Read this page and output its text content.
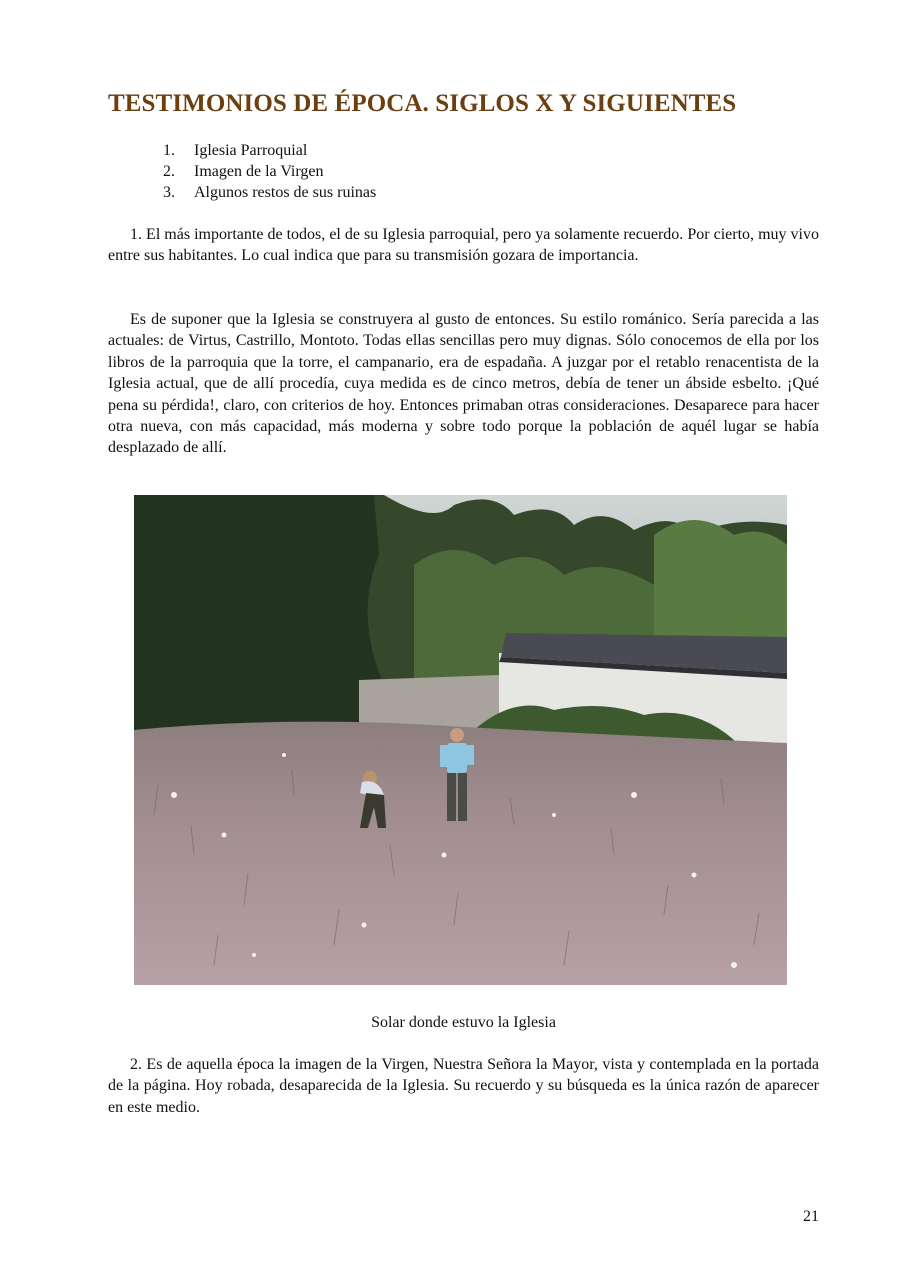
TESTIMONIOS DE ÉPOCA. SIGLOS X Y SIGUIENTES
1.	Iglesia Parroquial
2.	Imagen de la Virgen
3.	Algunos restos de sus ruinas

1. El más importante de todos, el de su Iglesia parroquial, pero ya solamente recuerdo. Por cierto, muy vivo entre sus habitantes. Lo cual indica que para su transmisión gozara de importancia.

Es de suponer que la Iglesia se construyera al gusto de entonces. Su estilo románico. Sería parecida a las actuales: de Virtus, Castrillo, Montoto. Todas ellas sencillas pero muy dignas. Sólo conocemos de ella por los libros de la parroquia que la torre, el campanario, era de espadaña. A juzgar por el retablo renacentista de la Iglesia actual, que de allí procedía, cuya medida es de cinco metros, debía de tener un ábside esbelto. ¡Qué pena su pérdida!, claro, con criterios de hoy. Entonces primaban otras consideraciones. Desaparece para hacer otra nueva, con más capacidad, más moderna y sobre todo porque la población de aquél lugar se había desplazado de allí.

Solar donde estuvo la Iglesia

2. Es de aquella época la imagen de la Virgen, Nuestra Señora la Mayor, vista y contemplada en la portada de la página. Hoy robada, desaparecida de la Iglesia. Su recuerdo y su búsqueda es la única razón de aparecer en este medio.

21
